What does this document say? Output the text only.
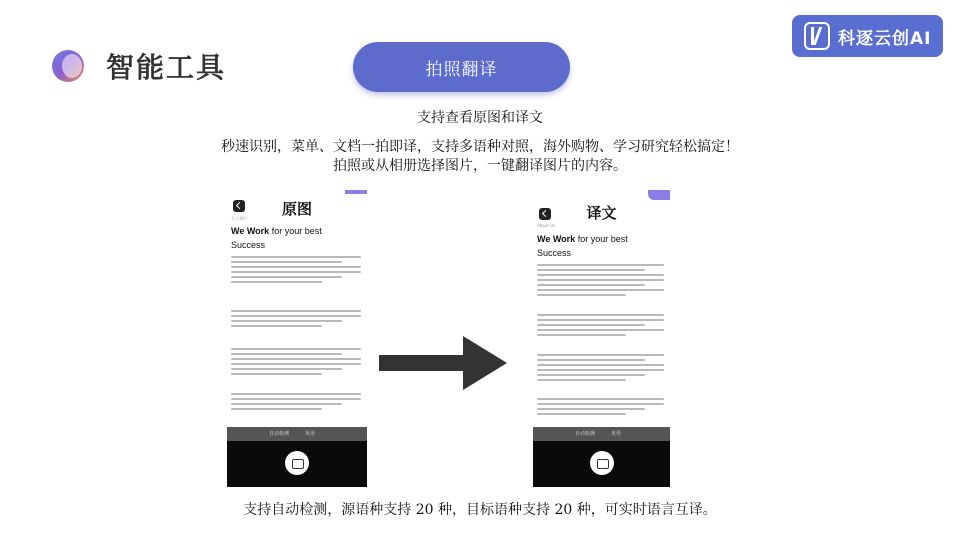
智能工具	拍照翻译
科逐云创AI
支持查看原图和译文
秒速识别，菜单、文档一拍即译，支持多语种对照，海外购物、学习研究轻松搞定！
拍照或从相册选择图片，一键翻译图片的内容。
原图
关于我们
We Work for your best
Success
自动检测	英语
译文
About Us
We Work for your best
Success
自动检测	英语
支持自动检测，源语种支持 20 种，目标语种支持 20 种，可实时语言互译。
